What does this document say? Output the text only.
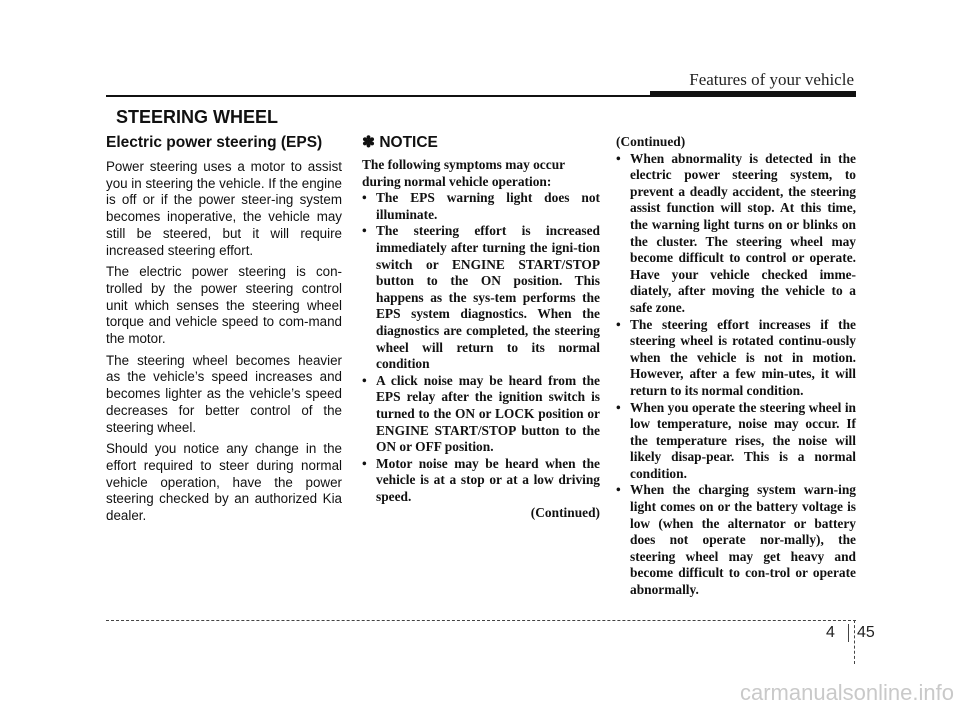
Features of your vehicle
STEERING WHEEL
Electric power steering (EPS)

Power steering uses a motor to assist you in steering the vehicle. If the engine is off or if the power steer-ing system becomes inoperative, the vehicle may still be steered, but it will require increased steering effort.

The electric power steering is con-trolled by the power steering control unit which senses the steering wheel torque and vehicle speed to com-mand the motor.

The steering wheel becomes heavier as the vehicle’s speed increases and becomes lighter as the vehicle’s speed decreases for better control of the steering wheel.

Should you notice any change in the effort required to steer during normal vehicle operation, have the power steering checked by an authorized Kia dealer.

✽ NOTICE

The following symptoms may occur during normal vehicle operation:

• The EPS warning light does not illuminate.
• The steering effort is increased immediately after turning the igni-tion switch or ENGINE START/STOP button to the ON position. This happens as the sys-tem performs the EPS system diagnostics. When the diagnostics are completed, the steering wheel will return to its normal condition
• A click noise may be heard from the EPS relay after the ignition switch is turned to the ON or LOCK position or ENGINE START/STOP button to the ON or OFF position.
• Motor noise may be heard when the vehicle is at a stop or at a low driving speed.

(Continued)

(Continued)

• When abnormality is detected in the electric power steering system, to prevent a deadly accident, the steering assist function will stop. At this time, the warning light turns on or blinks on the cluster. The steering wheel may become difficult to control or operate. Have your vehicle checked imme-diately, after moving the vehicle to a safe zone.
• The steering effort increases if the steering wheel is rotated continu-ously when the vehicle is not in motion. However, after a few min-utes, it will return to its normal condition.
• When you operate the steering wheel in low temperature, noise may occur. If the temperature rises, the noise will likely disap-pear. This is a normal condition.
• When the charging system warn-ing light comes on or the battery voltage is low (when the alternator or battery does not operate nor-mally), the steering wheel may get heavy and become difficult to con-trol or operate abnormally.
4 45
carmanualsonline.info
